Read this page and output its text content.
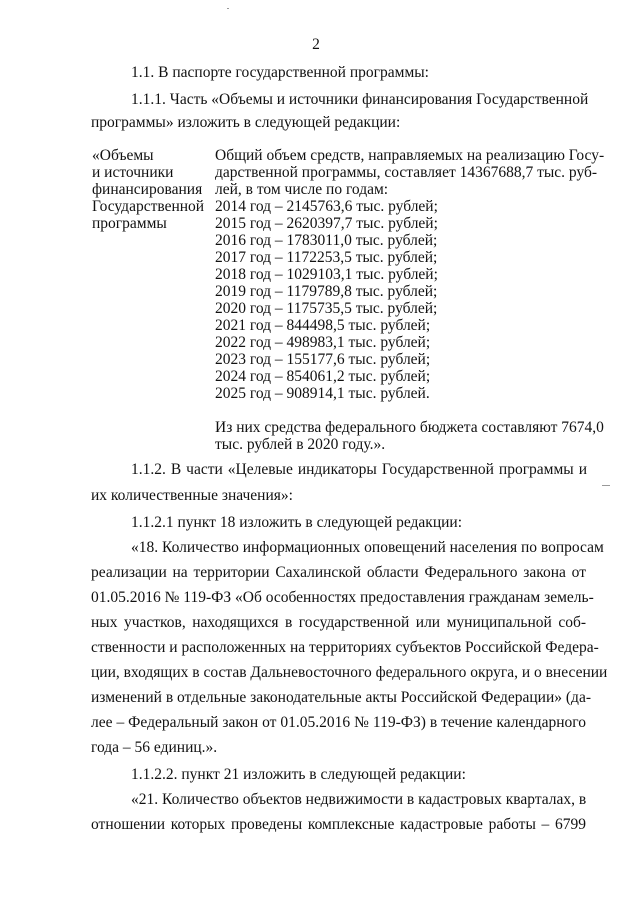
2

1.1. В паспорте государственной программы:

1.1.1. Часть «Объемы и источники финансирования Государственной

программы» изложить в следующей редакции:

«Объемы

и источники

финансирования

Государственной

программы

Общий объем средств, направляемых на реализацию Госу-

дарственной программы, составляет 14367688,7 тыс. руб-

лей, в том числе по годам:

2014 год – 2145763,6 тыс. рублей;

2015 год – 2620397,7 тыс. рублей;

2016 год – 1783011,0 тыс. рублей;

2017 год – 1172253,5 тыс. рублей;

2018 год – 1029103,1 тыс. рублей;

2019 год – 1179789,8 тыс. рублей;

2020 год – 1175735,5 тыс. рублей;

2021 год – 844498,5 тыс. рублей;

2022 год – 498983,1 тыс. рублей;

2023 год – 155177,6 тыс. рублей;

2024 год – 854061,2 тыс. рублей;

2025 год – 908914,1 тыс. рублей.

Из них средства федерального бюджета составляют 7674,0

тыс. рублей в 2020 году.».

1.1.2. В части «Целевые индикаторы Государственной программы и

их количественные значения»:

1.1.2.1 пункт 18 изложить в следующей редакции:

«18. Количество информационных оповещений населения по вопросам

реализации на территории Сахалинской области Федерального закона от

01.05.2016 № 119-ФЗ «Об особенностях предоставления гражданам земель-

ных участков, находящихся в государственной или муниципальной соб-

ственности и расположенных на территориях субъектов Российской Федера-

ции, входящих в состав Дальневосточного федерального округа, и о внесении

изменений в отдельные законодательные акты Российской Федерации» (да-

лее – Федеральный закон от 01.05.2016 № 119-ФЗ) в течение календарного

года – 56 единиц.».

1.1.2.2. пункт 21 изложить в следующей редакции:

«21. Количество объектов недвижимости в кадастровых кварталах, в

отношении которых проведены комплексные кадастровые работы – 6799
